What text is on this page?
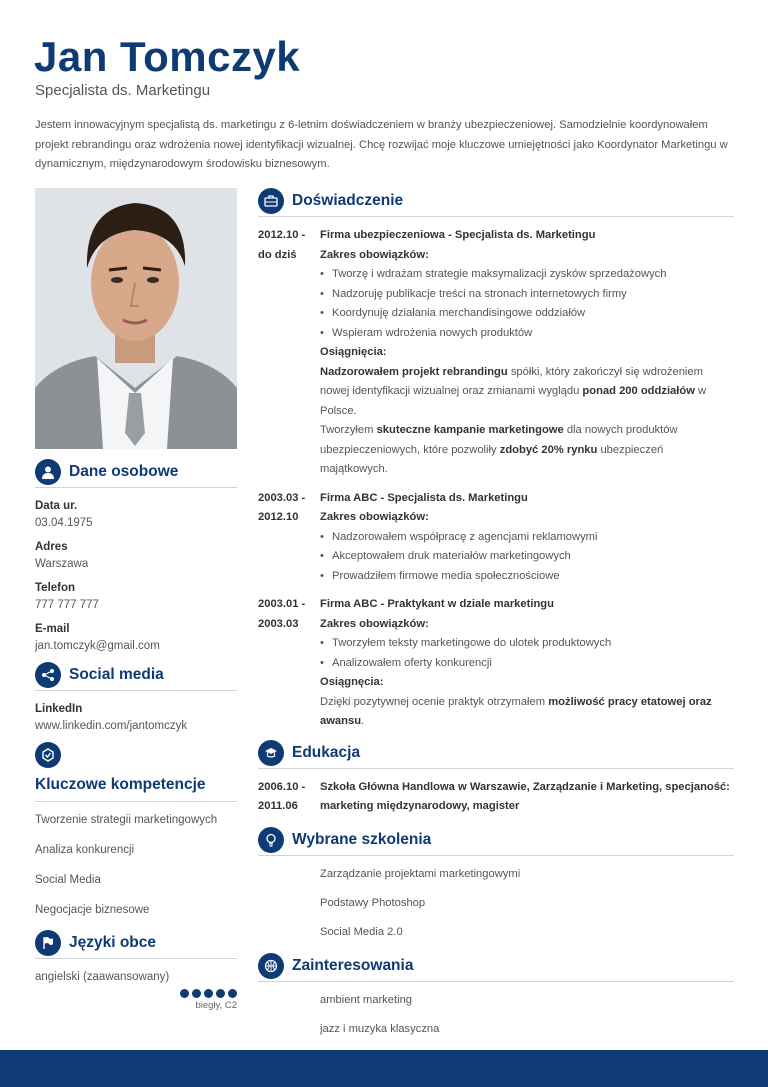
Jan Tomczyk
Specjalista ds. Marketingu

Jestem innowacyjnym specjalistą ds. marketingu z 6-letnim doświadczeniem w branży ubezpieczeniowej. Samodzielnie koordynowałem projekt rebrandingu oraz wdrożenia nowej identyfikacji wizualnej. Chcę rozwijać moje kluczowe umiejętności jako Koordynator Marketingu w dynamicznym, międzynarodowym środowisku biznesowym.

Dane osobowe
Data ur.
03.04.1975
Adres
Warszawa
Telefon
777 777 777
E-mail
jan.tomczyk@gmail.com
Social media
LinkedIn
www.linkedin.com/jantomczyk
Kluczowe kompetencje
Tworzenie strategii marketingowych
Analiza konkurencji
Social Media
Negocjacje biznesowe
Języki obce
angielski (zaawansowany)
biegły, C2
Doświadczenie
2012.10 -
do dziś
Firma ubezpieczeniowa - Specjalista ds. Marketingu
Zakres obowiązków:
• Tworzę i wdrażam strategie maksymalizacji zysków sprzedażowych
• Nadzoruję publikacje treści na stronach internetowych firmy
• Koordynuję działania merchandisingowe oddziałów
• Wspieram wdrożenia nowych produktów
Osiągnięcia:
Nadzorowałem projekt rebrandingu spółki, który zakończył się wdrożeniem nowej identyfikacji wizualnej oraz zmianami wyglądu ponad 200 oddziałów w Polsce.
Tworzyłem skuteczne kampanie marketingowe dla nowych produktów ubezpieczeniowych, które pozwoliły zdobyć 20% rynku ubezpieczeń majątkowych.
2003.03 -
2012.10
Firma ABC - Specjalista ds. Marketingu
Zakres obowiązków:
• Nadzorowałem współpracę z agencjami reklamowymi
• Akceptowałem druk materiałów marketingowych
• Prowadziłem firmowe media społecznościowe
2003.01 -
2003.03
Firma ABC - Praktykant w dziale marketingu
Zakres obowiązków:
• Tworzyłem teksty marketingowe do ulotek produktowych
• Analizowałem oferty konkurencji
Osiągnęcia:
Dzięki pozytywnej ocenie praktyk otrzymałem możliwość pracy etatowej oraz awansu.
Edukacja
2006.10 -
2011.06
Szkoła Główna Handlowa w Warszawie, Zarządzanie i Marketing, specjaność: marketing międzynarodowy, magister
Wybrane szkolenia
Zarządzanie projektami marketingowymi
Podstawy Photoshop
Social Media 2.0
Zainteresowania
ambient marketing
jazz i muzyka klasyczna
